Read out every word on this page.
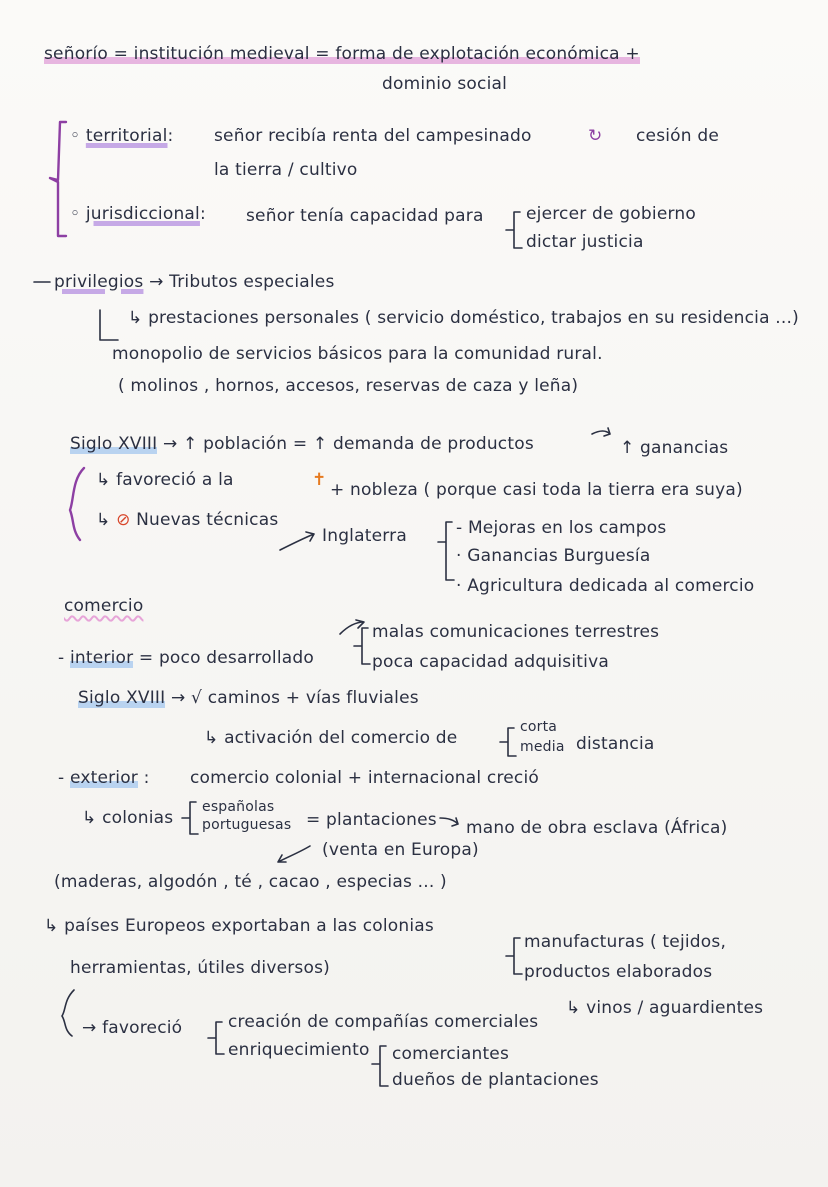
señorío = institución medieval = forma de explotación económica +
dominio social
◦ territorial: señor recibía renta del campesinado	↻ cesión de
la tierra / cultivo
◦ jurisdiccional: señor tenía capacidad para ejercer de gobierno
dictar justicia
privilegios → Tributos especiales
↳ prestaciones personales ( servicio doméstico, trabajos en su residencia ...)
monopolio de servicios básicos para la comunidad rural.
( molinos , hornos, accesos, reservas de caza y leña)
Siglo XVIII → ↑ población = ↑ demanda de productos	↑ ganancias
↳ favoreció a la	✝ + nobleza ( porque casi toda la tierra era suya)
↳ ⊘ Nuevas técnicas
Inglaterra	- Mejoras en los campos
· Ganancias Burguesía
· Agricultura dedicada al comercio
comercio
- interior = poco desarrollado
malas comunicaciones terrestres
poca capacidad adquisitiva
Siglo XVIII → √ caminos + vías fluviales
↳ activación del comercio de
corta
media distancia
- exterior : comercio colonial + internacional creció
↳ colonias
españolas
portuguesas = plantaciones mano de obra esclava (África)
(venta en Europa)
(maderas, algodón , té , cacao , especias ... )
↳ países Europeos exportaban a las colonias
manufacturas ( tejidos,
herramientas, útiles diversos)	productos elaborados
↳ vinos / aguardientes
→ favoreció	creación de compañías comerciales
enriquecimiento comerciantes
dueños de plantaciones
